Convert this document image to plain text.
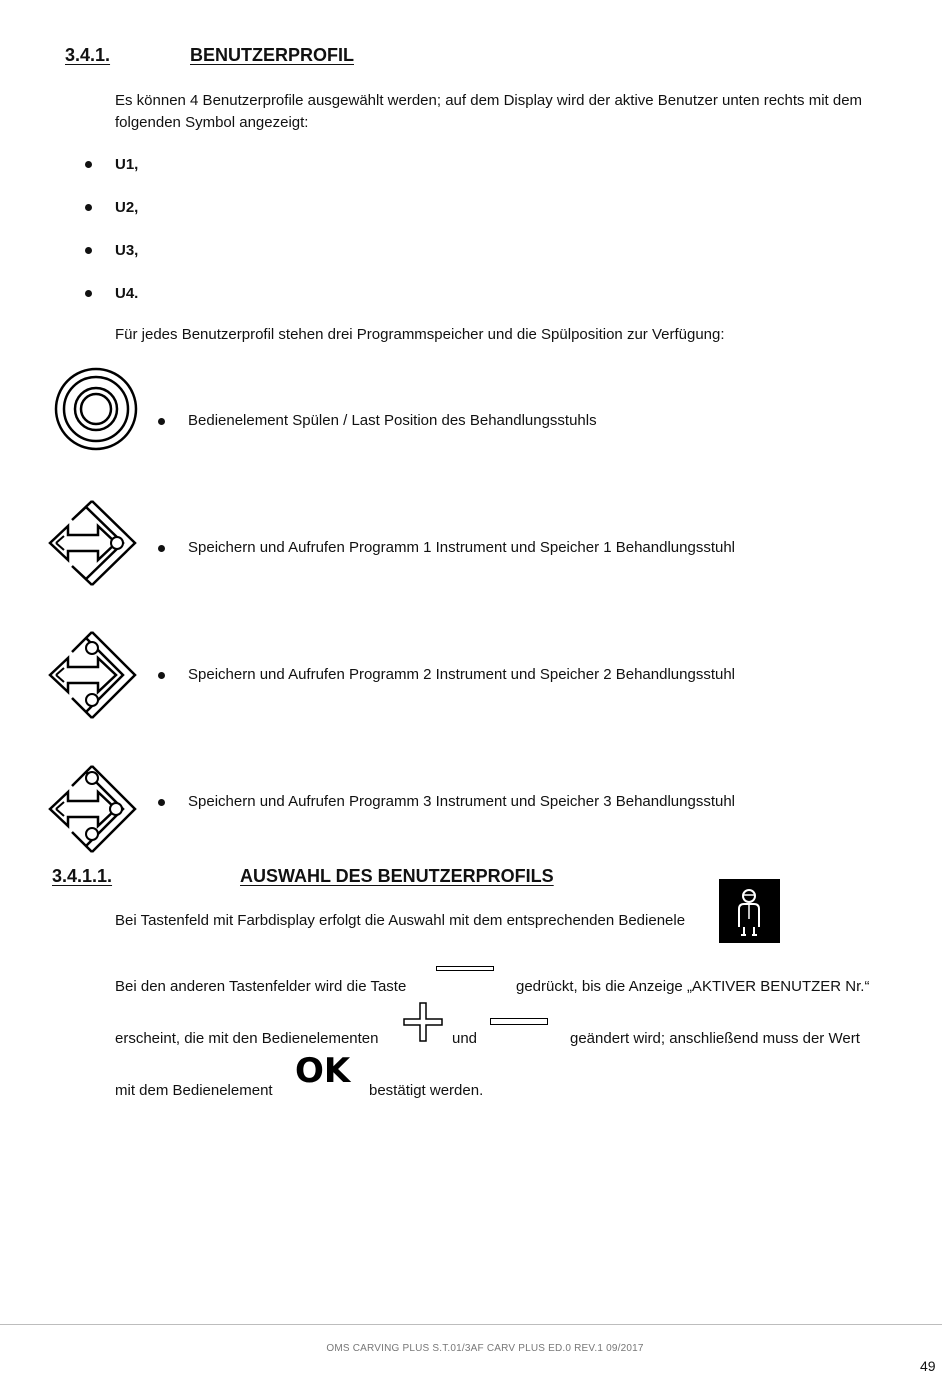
3.4.1.	BENUTZERPROFIL
Es können 4 Benutzerprofile ausgewählt werden; auf dem Display wird der aktive Benutzer unten rechts mit dem folgenden Symbol angezeigt:
U1,
U2,
U3,
U4.
Für jedes Benutzerprofil stehen drei Programmspeicher und die Spülposition zur Verfügung:
Bedienelement Spülen / Last Position des Behandlungsstuhls
Speichern und Aufrufen Programm 1 Instrument und Speicher 1 Behandlungsstuhl
Speichern und Aufrufen Programm 2 Instrument und Speicher 2 Behandlungsstuhl
Speichern und Aufrufen Programm 3 Instrument und Speicher 3 Behandlungsstuhl
3.4.1.1.	AUSWAHL DES BENUTZERPROFILS
Bei Tastenfeld mit Farbdisplay erfolgt die Auswahl mit dem entsprechenden Bedienele
Bei den anderen Tastenfelder wird die Taste	gedrückt, bis die Anzeige „AKTIVER BENUTZER Nr.“
erscheint, die mit den Bedienelementen	und	geändert wird; anschließend muss der Wert
mit dem Bedienelement OK bestätigt werden.
OMS CARVING PLUS S.T.01/3AF CARV PLUS ED.0 REV.1 09/2017
49
